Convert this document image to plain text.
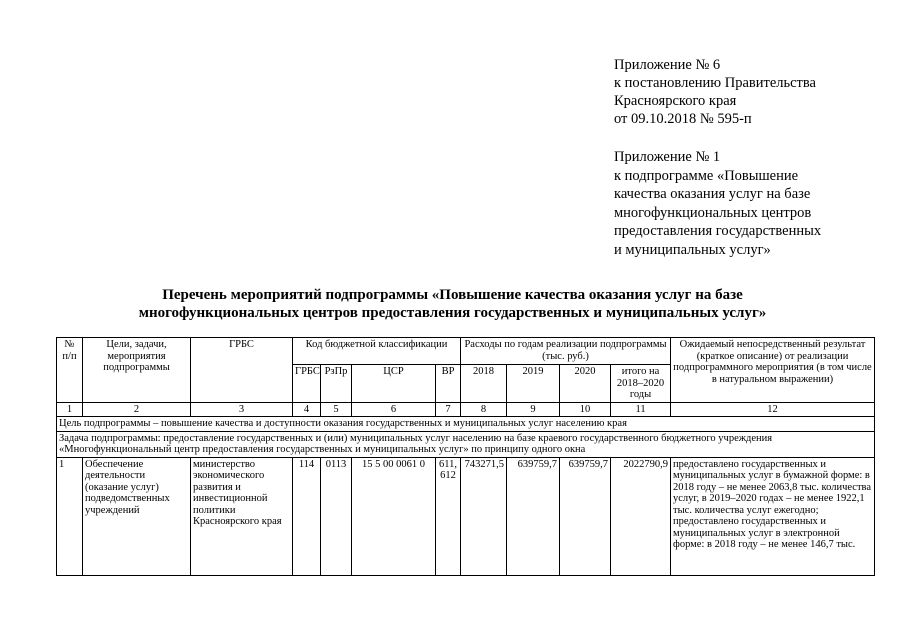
Приложение № 6
к постановлению Правительства
Красноярского края
от 09.10.2018 № 595-п
Приложение № 1
к подпрограмме «Повышение
качества оказания услуг на базе
многофункциональных центров
предоставления государственных
и муниципальных услуг»
Перечень мероприятий подпрограммы «Повышение качества оказания услуг на базе
многофункциональных центров предоставления государственных и муниципальных услуг»
№ п/п	Цели, задачи, мероприятия подпрограммы	ГРБС	Код бюджетной классификации				Расходы по годам реализации подпрограммы (тыс. руб.)				Ожидаемый непосредственный результат (краткое описание) от реализации подпрограммного мероприятия (в том числе в натуральном выражении)
			ГРБС	РзПр	ЦСР	ВР	2018	2019	2020	итого на 2018–2020 годы	
1	2	3	4	5	6	7	8	9	10	11	12
Цель подпрограммы – повышение качества и доступности оказания государственных и муниципальных услуг населению края											
Задача подпрограммы: предоставление государственных и (или) муниципальных услуг населению на базе краевого государственного бюджетного учреждения «Многофункциональный центр предоставления государственных и муниципальных услуг» по принципу одного окна											
1	Обеспечение деятельности (оказание услуг) подведомственных учреждений	министерство экономического развития и инвестиционной политики Красноярского края	114	0113	15 5 00 0061 0	611, 612	743271,5	639759,7	639759,7	2022790,9	предоставлено государственных и муниципальных услуг в бумажной форме: в 2018 году – не менее 2063,8 тыс. количества услуг, в 2019–2020 годах – не менее 1922,1 тыс. количества услуг ежегодно; предоставлено государственных и муниципальных услуг в электронной форме: в 2018 году – не менее 146,7 тыс.
